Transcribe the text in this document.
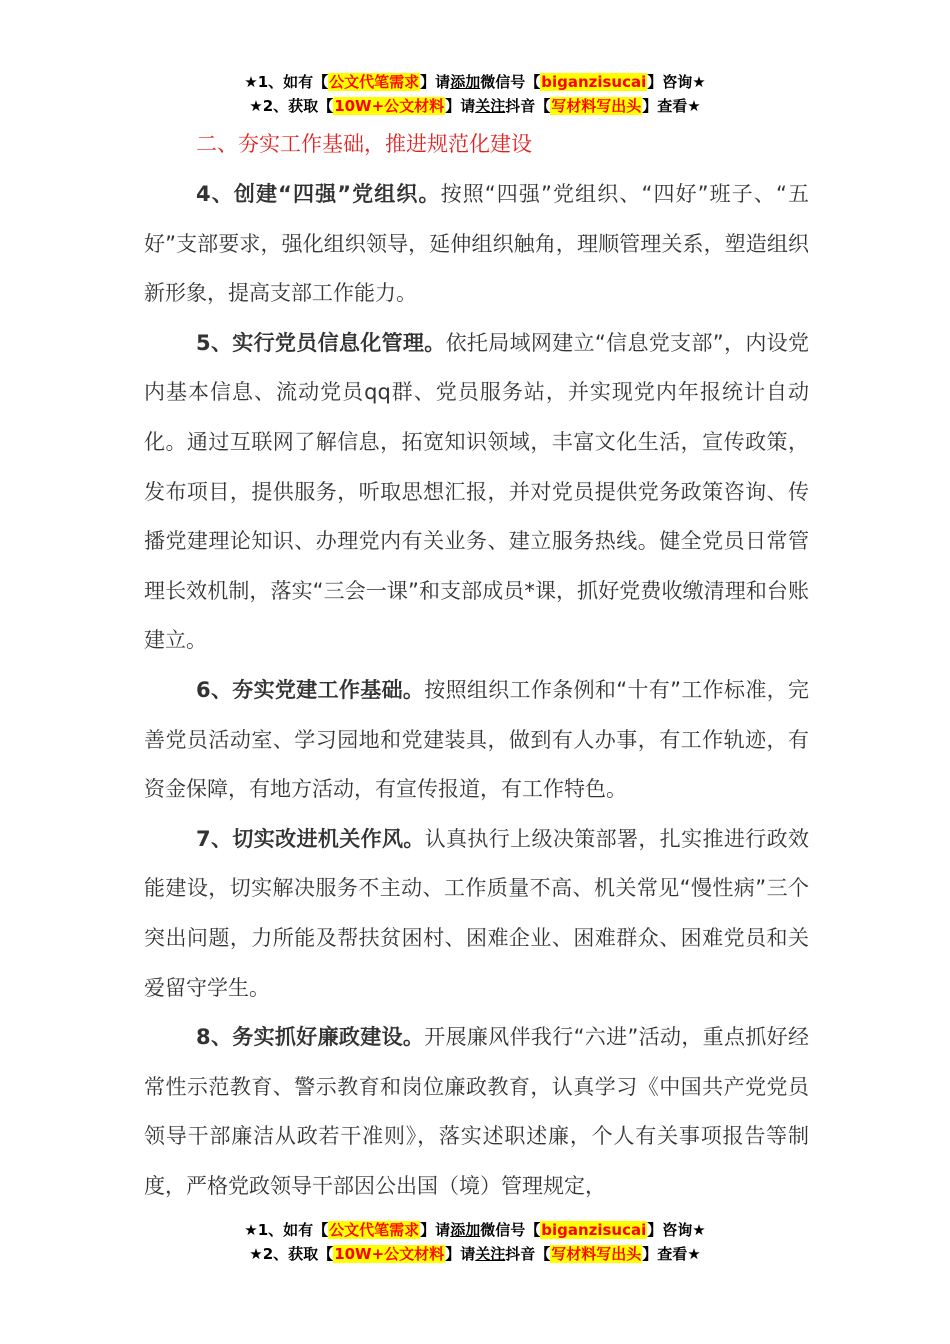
★1、如有【公文代笔需求】请添加微信号【biganzisucai】咨询★
★2、获取【10W+公文材料】请关注抖音【写材料写出头】查看★
二、夯实工作基础，推进规范化建设

4、创建“四强”党组织。按照“四强”党组织、“四好”班子、“五好”支部要求，强化组织领导，延伸组织触角，理顺管理关系，塑造组织新形象，提高支部工作能力。

5、实行党员信息化管理。依托局域网建立“信息党支部”，内设党内基本信息、流动党员qq群、党员服务站，并实现党内年报统计自动化。通过互联网了解信息，拓宽知识领域，丰富文化生活，宣传政策，发布项目，提供服务，听取思想汇报，并对党员提供党务政策咨询、传播党建理论知识、办理党内有关业务、建立服务热线。健全党员日常管理长效机制，落实“三会一课”和支部成员*课，抓好党费收缴清理和台账建立。

6、夯实党建工作基础。按照组织工作条例和“十有”工作标准，完善党员活动室、学习园地和党建装具，做到有人办事，有工作轨迹，有资金保障，有地方活动，有宣传报道，有工作特色。

7、切实改进机关作风。认真执行上级决策部署，扎实推进行政效能建设，切实解决服务不主动、工作质量不高、机关常见“慢性病”三个突出问题，力所能及帮扶贫困村、困难企业、困难群众、困难党员和关爱留守学生。

8、务实抓好廉政建设。开展廉风伴我行“六进”活动，重点抓好经常性示范教育、警示教育和岗位廉政教育，认真学习《中国共产党党员领导干部廉洁从政若干准则》，落实述职述廉，个人有关事项报告等制度，严格党政领导干部因公出国（境）管理规定，

★1、如有【公文代笔需求】请添加微信号【biganzisucai】咨询★
★2、获取【10W+公文材料】请关注抖音【写材料写出头】查看★
